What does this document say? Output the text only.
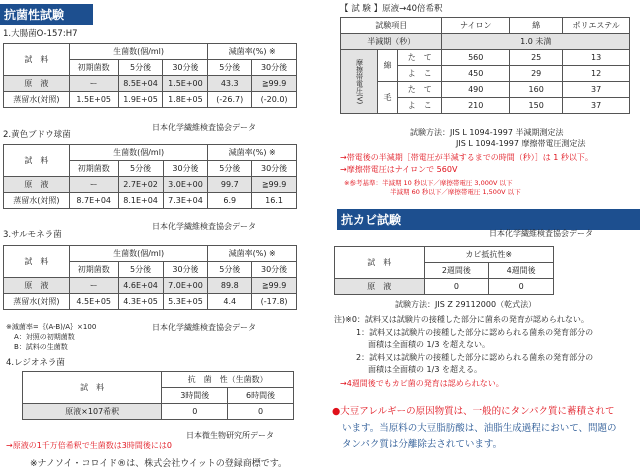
抗菌性試験
1.大腸菌O-157:H7
試　料	生菌数(個/ml)			減菌率(%) ※	
	初期菌数	5分後	30分後	5分後	30分後
原　液	ー	8.5E+04	1.5E+00	43.3	≧99.9
蒸留水(対照)	1.5E+05	1.9E+05	1.8E+05	(-26.7)	(-20.0)
日本化学繊維検査協会データ
2.黄色ブドウ球菌
試　料	生菌数(個/ml)			減菌率(%) ※	
	初期菌数	5分後	30分後	5分後	30分後
原　液	ー	2.7E+02	3.0E+00	99.7	≧99.9
蒸留水(対照)	8.7E+04	8.1E+04	7.3E+04	6.9	16.1
日本化学繊維検査協会データ
3.サルモネラ菌
試　料	生菌数(個/ml)			減菌率(%) ※	
	初期菌数	5分後	30分後	5分後	30分後
原　液	ー	4.6E+04	7.0E+00	89.8	≧99.9
蒸留水(対照)	4.5E+05	4.3E+05	5.3E+05	4.4	(-17.8)
※減菌率=｛(A-B)/A｝×100
A：対照の初期菌数
B：試料の生菌数
日本化学繊維検査協会データ
4.レジオネラ菌
試　料	抗　菌　性（生菌数）	
	3時間後	6時間後
原液×107希釈	0	0
日本微生物研究所データ
→原液の1千万倍希釈で生菌数は3時間後には0
※ナノソイ・コロイド®は、株式会社ウイットの登録商標です。
【 試 験 】原液→40倍希釈
試験項目			ナイロン	綿	ポリエステル
半減期（秒）			1.0 未満		
摩擦帯電圧(V)	綿	た　て	560	25	13
		よ　こ	450	29	12
	毛	た　て	490	160	37
		よ　こ	210	150	37
試験方法：JIS L 1094-1997 半減期測定法
JIS L 1094-1997 摩擦帯電圧測定法
→帯電後の半減期［帯電圧が半減するまでの時間（秒）］は 1 秒以下。
→摩擦帯電圧はナイロンで 560V
※参考基準：半減期 10 秒以下／摩擦帯電圧 3,000V 以下
半減期 60 秒以下／摩擦帯電圧 1,500V 以下
抗カビ試験
日本化学繊維検査協会データ
試　料	カビ抵抗性※	
	2週間後	4週間後
原　液	0	0
試験方法：JIS Z 29112000（乾式法）
注)※0：試料又は試験片の接種した部分に菌糸の発育が認められない。
1：試料又は試験片の接種した部分に認められる菌糸の発育部分の
面積は全面積の 1/3 を超えない。
2：試料又は試験片の接種した部分に認められる菌糸の発育部分の
面積は全面積の 1/3 を超える。
→4週間後でもカビ菌の発育は認められない。
●大豆アレルギーの原因物質は、一般的にタンパク質に蓄積されて
います。当原料の大豆脂肪酸は、油脂生成過程において、問題の
タンパク質は分離除去されています。
